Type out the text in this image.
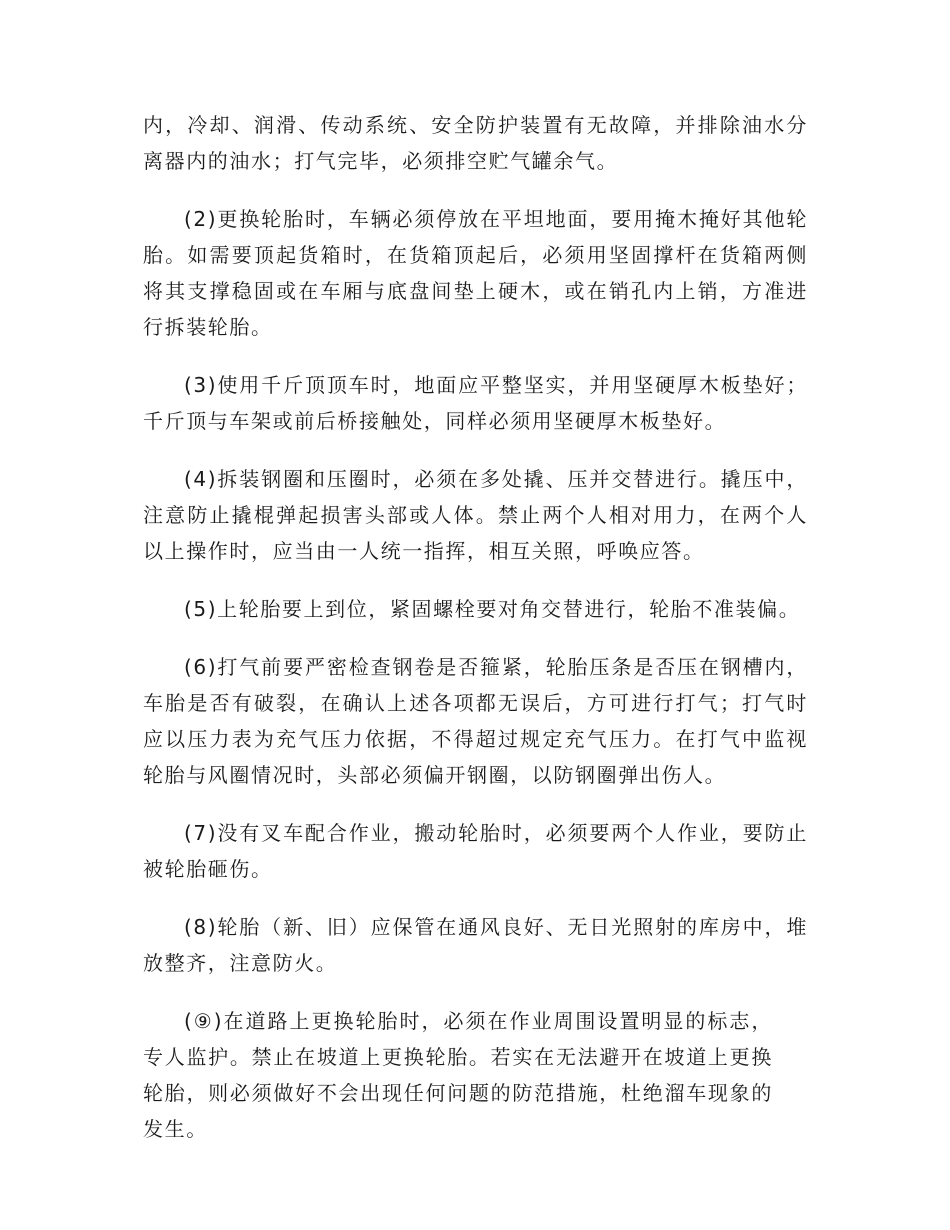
内，冷却、润滑、传动系统、安全防护装置有无故障，并排除油水分离器内的油水；打气完毕，必须排空贮气罐余气。

(2)更换轮胎时，车辆必须停放在平坦地面，要用掩木掩好其他轮胎。如需要顶起货箱时，在货箱顶起后，必须用坚固撑杆在货箱两侧将其支撑稳固或在车厢与底盘间垫上硬木，或在销孔内上销，方准进行拆装轮胎。

(3)使用千斤顶顶车时，地面应平整坚实，并用坚硬厚木板垫好；千斤顶与车架或前后桥接触处，同样必须用坚硬厚木板垫好。

(4)拆装钢圈和压圈时，必须在多处撬、压并交替进行。撬压中，注意防止撬棍弹起损害头部或人体。禁止两个人相对用力，在两个人以上操作时，应当由一人统一指挥，相互关照，呼唤应答。

(5)上轮胎要上到位，紧固螺栓要对角交替进行，轮胎不准装偏。

(6)打气前要严密检查钢卷是否箍紧，轮胎压条是否压在钢槽内，车胎是否有破裂，在确认上述各项都无误后，方可进行打气；打气时应以压力表为充气压力依据，不得超过规定充气压力。在打气中监视轮胎与风圈情况时，头部必须偏开钢圈，以防钢圈弹出伤人。

(7)没有叉车配合作业，搬动轮胎时，必须要两个人作业，要防止被轮胎砸伤。

(8)轮胎（新、旧）应保管在通风良好、无日光照射的库房中，堆放整齐，注意防火。

(⑨)在道路上更换轮胎时，必须在作业周围设置明显的标志，专人监护。禁止在坡道上更换轮胎。若实在无法避开在坡道上更换轮胎，则必须做好不会出现任何问题的防范措施，杜绝溜车现象的发生。
